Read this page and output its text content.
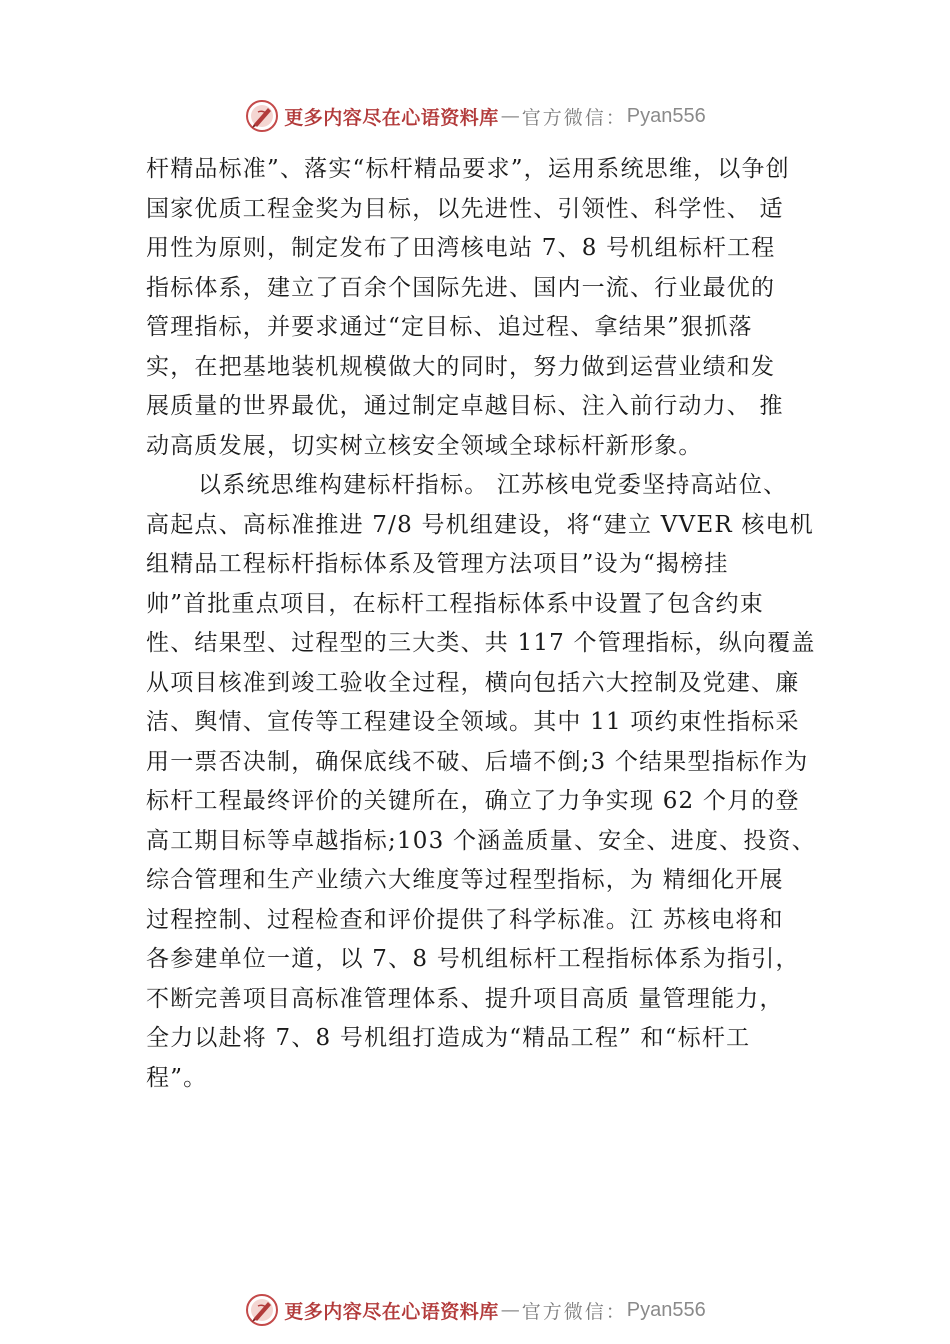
更多内容尽在心语资料库 — 官方微信： Pyan556
杆精品标准”、落实“标杆精品要求”，运用系统思维，以争创
国家优质工程金奖为目标，以先进性、引领性、科学性、 适
用性为原则，制定发布了田湾核电站 7、8 号机组标杆工程
指标体系，建立了百余个国际先进、国内一流、行业最优的
管理指标，并要求通过“定目标、追过程、拿结果”狠抓落
实，在把基地装机规模做大的同时，努力做到运营业绩和发
展质量的世界最优，通过制定卓越目标、注入前行动力、 推
动高质发展，切实树立核安全领域全球标杆新形象。
以系统思维构建标杆指标。 江苏核电党委坚持高站位、
高起点、高标准推进 7/8 号机组建设，将“建立 VVER 核电机
组精品工程标杆指标体系及管理方法项目”设为“揭榜挂
帅”首批重点项目，在标杆工程指标体系中设置了包含约束
性、结果型、过程型的三大类、共 117 个管理指标，纵向覆盖
从项目核准到竣工验收全过程，横向包括六大控制及党建、廉
洁、舆情、宣传等工程建设全领域。其中 11 项约束性指标采
用一票否决制，确保底线不破、后墙不倒;3 个结果型指标作为
标杆工程最终评价的关键所在，确立了力争实现 62 个月的登
高工期目标等卓越指标;103 个涵盖质量、安全、进度、投资、
综合管理和生产业绩六大维度等过程型指标，为 精细化开展
过程控制、过程检查和评价提供了科学标准。江 苏核电将和
各参建单位一道，以 7、8 号机组标杆工程指标体系为指引，
不断完善项目高标准管理体系、提升项目高质 量管理能力，
全力以赴将 7、8 号机组打造成为“精品工程” 和“标杆工
程”。
更多内容尽在心语资料库 — 官方微信： Pyan556
